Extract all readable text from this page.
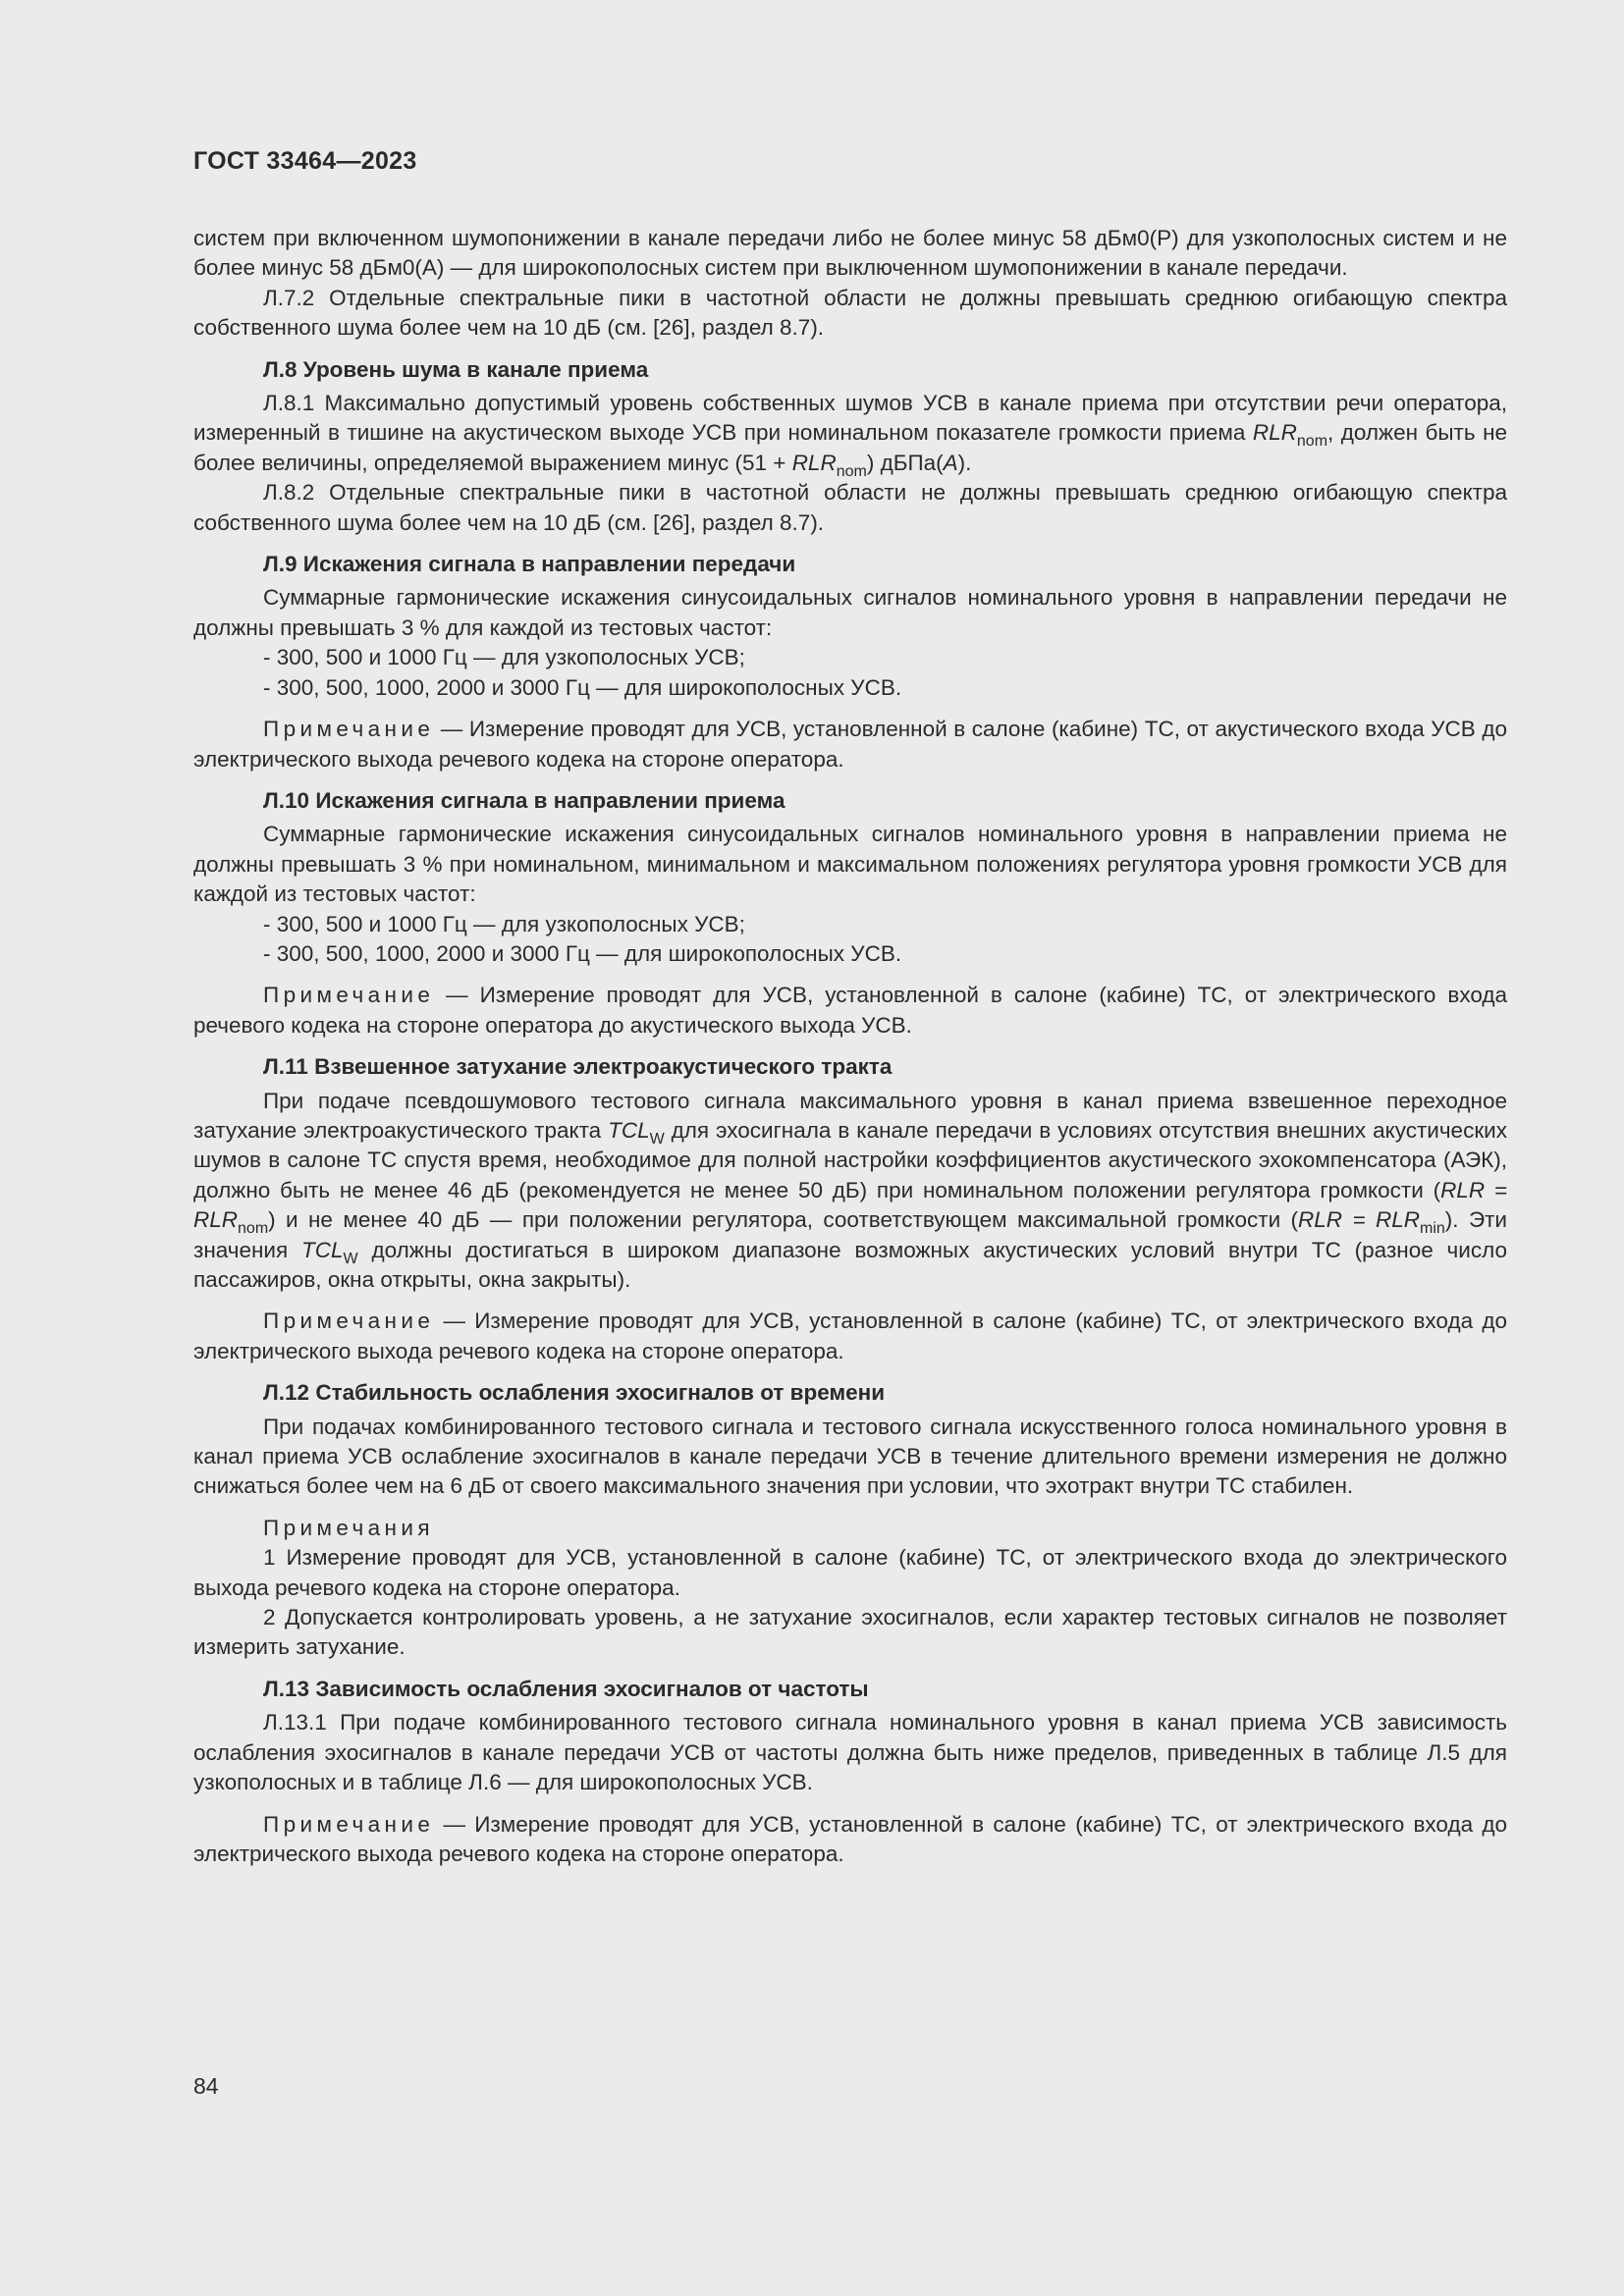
ГОСТ 33464—2023

систем при включенном шумопонижении в канале передачи либо не более минус 58 дБм0(Р) для узкополосных систем и не более минус 58 дБм0(А) — для широкополосных систем при выключенном шумопонижении в канале передачи.

Л.7.2 Отдельные спектральные пики в частотной области не должны превышать среднюю огибающую спектра собственного шума более чем на 10 дБ (см. [26], раздел 8.7).

Л.8 Уровень шума в канале приема

Л.8.1 Максимально допустимый уровень собственных шумов УСВ в канале приема при отсутствии речи оператора, измеренный в тишине на акустическом выходе УСВ при номинальном показателе громкости приема $RLR_{nom}$, должен быть не более величины, определяемой выражением минус $(51 + RLR_{nom})$ дБПа(A).

Л.8.2 Отдельные спектральные пики в частотной области не должны превышать среднюю огибающую спектра собственного шума более чем на 10 дБ (см. [26], раздел 8.7).

Л.9 Искажения сигнала в направлении передачи

Суммарные гармонические искажения синусоидальных сигналов номинального уровня в направлении передачи не должны превышать 3 % для каждой из тестовых частот:

- 300, 500 и 1000 Гц — для узкополосных УСВ;

- 300, 500, 1000, 2000 и 3000 Гц — для широкополосных УСВ.

Примечание — Измерение проводят для УСВ, установленной в салоне (кабине) ТС, от акустического входа УСВ до электрического выхода речевого кодека на стороне оператора.

Л.10 Искажения сигнала в направлении приема

Суммарные гармонические искажения синусоидальных сигналов номинального уровня в направлении приема не должны превышать 3 % при номинальном, минимальном и максимальном положениях регулятора уровня громкости УСВ для каждой из тестовых частот:

- 300, 500 и 1000 Гц — для узкополосных УСВ;

- 300, 500, 1000, 2000 и 3000 Гц — для широкополосных УСВ.

Примечание — Измерение проводят для УСВ, установленной в салоне (кабине) ТС, от электрического входа речевого кодека на стороне оператора до акустического выхода УСВ.

Л.11 Взвешенное затухание электроакустического тракта

При подаче псевдошумового тестового сигнала максимального уровня в канал приема взвешенное переходное затухание электроакустического тракта $TCL_W$ для эхосигнала в канале передачи в условиях отсутствия внешних акустических шумов в салоне ТС спустя время, необходимое для полной настройки коэффициентов акустического эхокомпенсатора (АЭК), должно быть не менее 46 дБ (рекомендуется не менее 50 дБ) при номинальном положении регулятора громкости $(RLR = RLR_{nom})$ и не менее 40 дБ — при положении регулятора, соответствующем максимальной громкости $(RLR = RLR_{min})$. Эти значения $TCL_W$ должны достигаться в широком диапазоне возможных акустических условий внутри ТС (разное число пассажиров, окна открыты, окна закрыты).

Примечание — Измерение проводят для УСВ, установленной в салоне (кабине) ТС, от электрического входа до электрического выхода речевого кодека на стороне оператора.

Л.12 Стабильность ослабления эхосигналов от времени

При подачах комбинированного тестового сигнала и тестового сигнала искусственного голоса номинального уровня в канал приема УСВ ослабление эхосигналов в канале передачи УСВ в течение длительного времени измерения не должно снижаться более чем на 6 дБ от своего максимального значения при условии, что эхотракт внутри ТС стабилен.

Примечания

1 Измерение проводят для УСВ, установленной в салоне (кабине) ТС, от электрического входа до электрического выхода речевого кодека на стороне оператора.

2 Допускается контролировать уровень, а не затухание эхосигналов, если характер тестовых сигналов не позволяет измерить затухание.

Л.13 Зависимость ослабления эхосигналов от частоты

Л.13.1 При подаче комбинированного тестового сигнала номинального уровня в канал приема УСВ зависимость ослабления эхосигналов в канале передачи УСВ от частоты должна быть ниже пределов, приведенных в таблице Л.5 для узкополосных и в таблице Л.6 — для широкополосных УСВ.

Примечание — Измерение проводят для УСВ, установленной в салоне (кабине) ТС, от электрического входа до электрического выхода речевого кодека на стороне оператора.

84
